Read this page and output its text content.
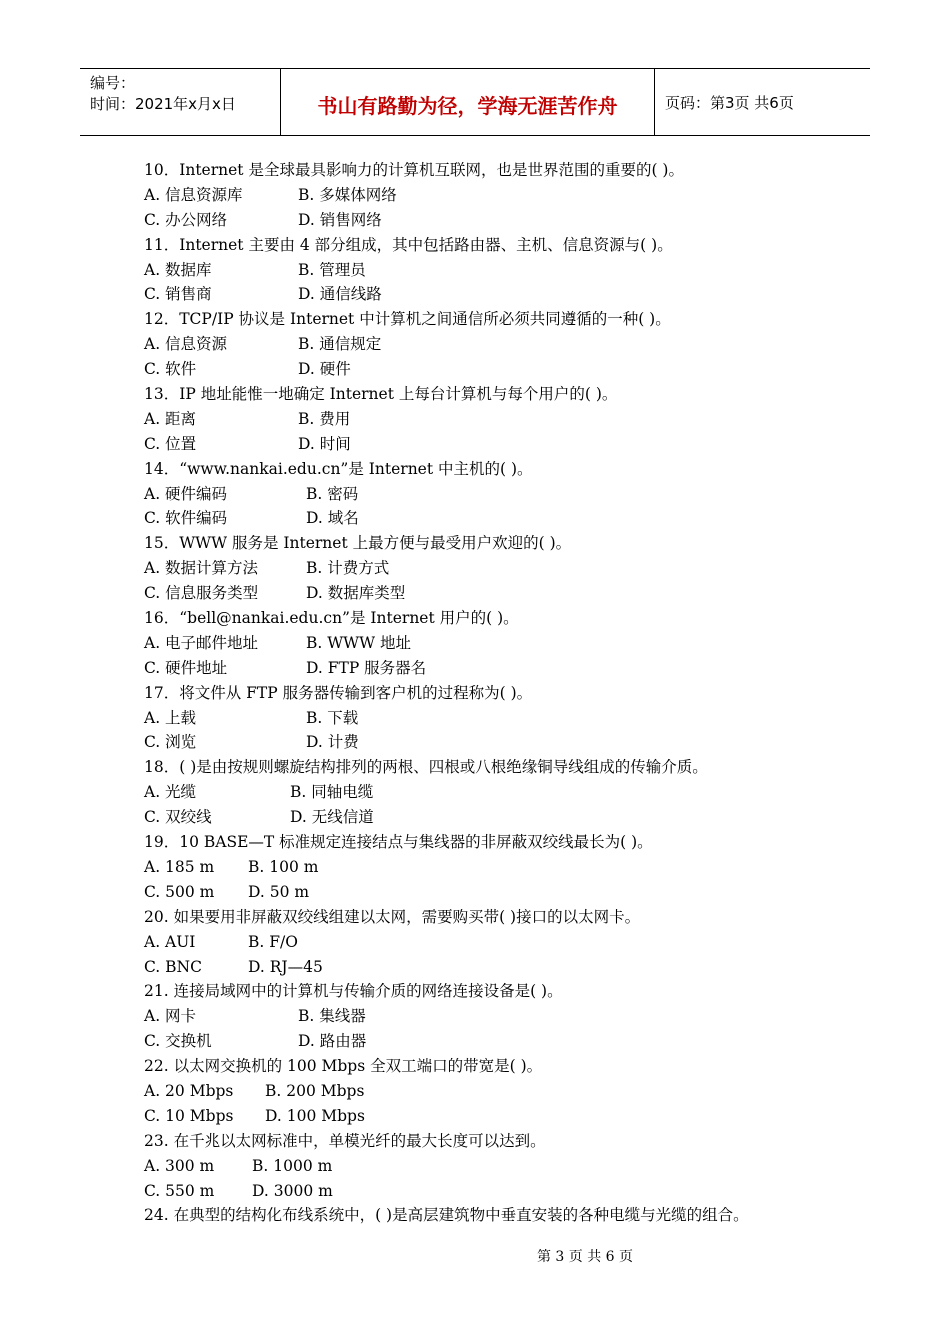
编号：
时间：2021年x月x日	书山有路勤为径，学海无涯苦作舟	页码：第3页 共6页
10．Internet 是全球最具影响力的计算机互联网，也是世界范围的重要的( )。
A. 信息资源库	B. 多媒体网络
C. 办公网络	D. 销售网络
11．Internet 主要由 4 部分组成，其中包括路由器、主机、信息资源与( )。
A. 数据库	B. 管理员
C. 销售商	D. 通信线路
12．TCP/IP 协议是 Internet 中计算机之间通信所必须共同遵循的一种( )。
A. 信息资源	B. 通信规定
C. 软件	D. 硬件
13．IP 地址能惟一地确定 Internet 上每台计算机与每个用户的( )。
A. 距离	B. 费用
C. 位置	D. 时间
14．“www.nankai.edu.cn”是 Internet 中主机的( )。
A. 硬件编码	B. 密码
C. 软件编码	D. 域名
15．WWW 服务是 Internet 上最方便与最受用户欢迎的( )。
A. 数据计算方法	B. 计费方式
C. 信息服务类型	D. 数据库类型
16．“bell@nankai.edu.cn”是 Internet 用户的( )。
A. 电子邮件地址	B. WWW 地址
C. 硬件地址	D. FTP 服务器名
17．将文件从 FTP 服务器传输到客户机的过程称为( )。
A. 上载	B. 下载
C. 浏览	D. 计费
18．( )是由按规则螺旋结构排列的两根、四根或八根绝缘铜导线组成的传输介质。
A. 光缆	B. 同轴电缆
C. 双绞线	D. 无线信道
19．10 BASE—T 标准规定连接结点与集线器的非屏蔽双绞线最长为( )。
A. 185 m B. 100 m
C. 500 m D. 50 m
20. 如果要用非屏蔽双绞线组建以太网，需要购买带( )接口的以太网卡。
A. AUI	B. F/O
C. BNC	D. RJ—45
21. 连接局域网中的计算机与传输介质的网络连接设备是( )。
A. 网卡	B. 集线器
C. 交换机	D. 路由器
22. 以太网交换机的 100 Mbps 全双工端口的带宽是( )。
A. 20 Mbps B. 200 Mbps
C. 10 Mbps D. 100 Mbps
23. 在千兆以太网标准中，单模光纤的最大长度可以达到。
A. 300 m B. 1000 m
C. 550 m D. 3000 m
24. 在典型的结构化布线系统中，( )是高层建筑物中垂直安装的各种电缆与光缆的组合。
第 3 页 共 6 页
